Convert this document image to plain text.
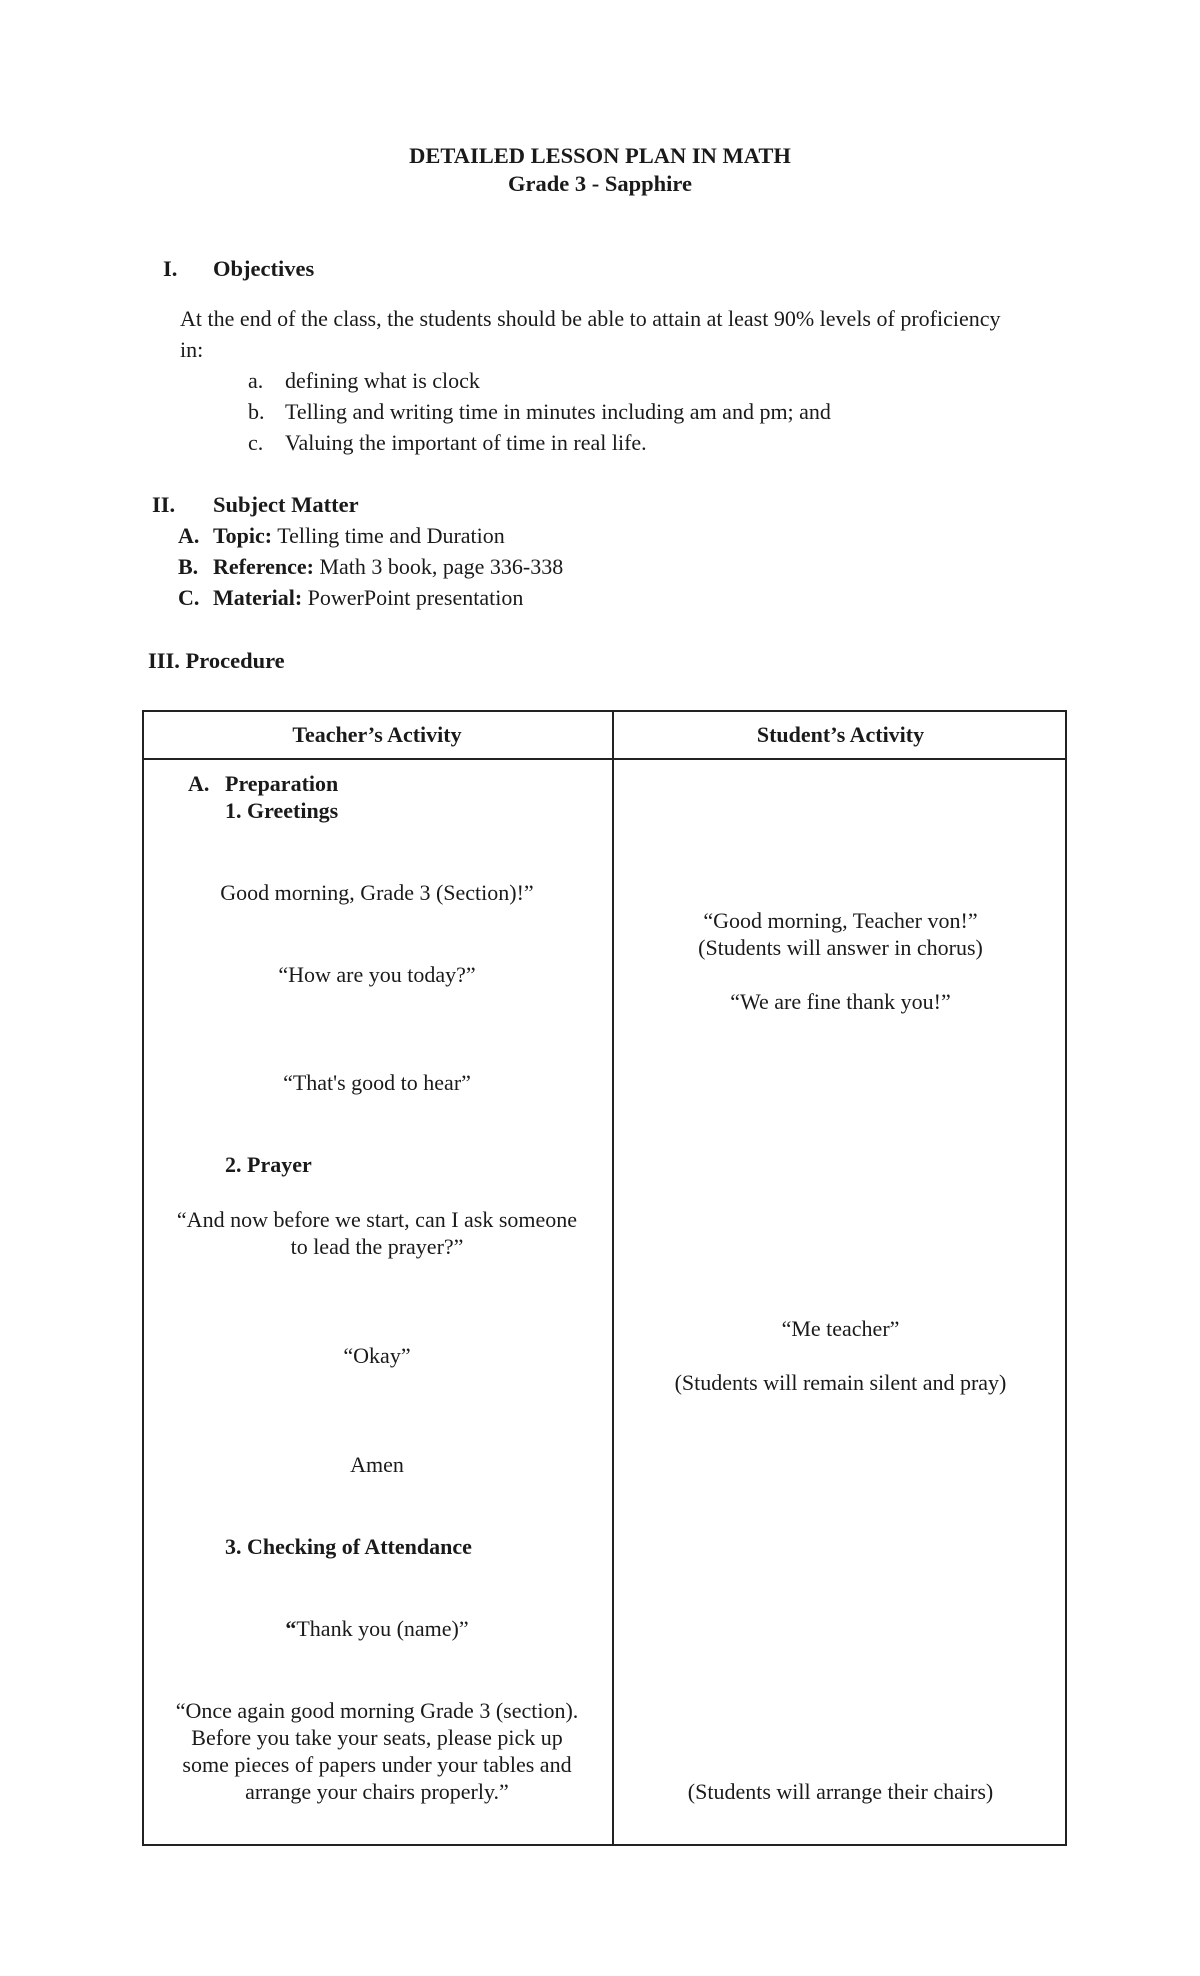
DETAILED LESSON PLAN IN MATH

Grade 3 - Sapphire

I. Objectives

At the end of the class, the students should be able to attain at least 90% levels of proficiency

in:

a. defining what is clock

b. Telling and writing time in minutes including am and pm; and

c. Valuing the important of time in real life.

II. Subject Matter

A. Topic: Telling time and Duration

B. Reference: Math 3 book, page 336-338

C. Material: PowerPoint presentation

III. Procedure

Teacher’s Activity	Student’s Activity

A. Preparation

1. Greetings

Good morning, Grade 3 (Section)!”

“How are you today?”

“That's good to hear”

2. Prayer

“And now before we start, can I ask someone

to lead the prayer?”

“Okay”

Amen

3. Checking of Attendance

“Thank you (name)”

“Once again good morning Grade 3 (section).

Before you take your seats, please pick up

some pieces of papers under your tables and

arrange your chairs properly.”

“Good morning, Teacher von!”

(Students will answer in chorus)

“We are fine thank you!”

“Me teacher”

(Students will remain silent and pray)

(Students will arrange their chairs)
